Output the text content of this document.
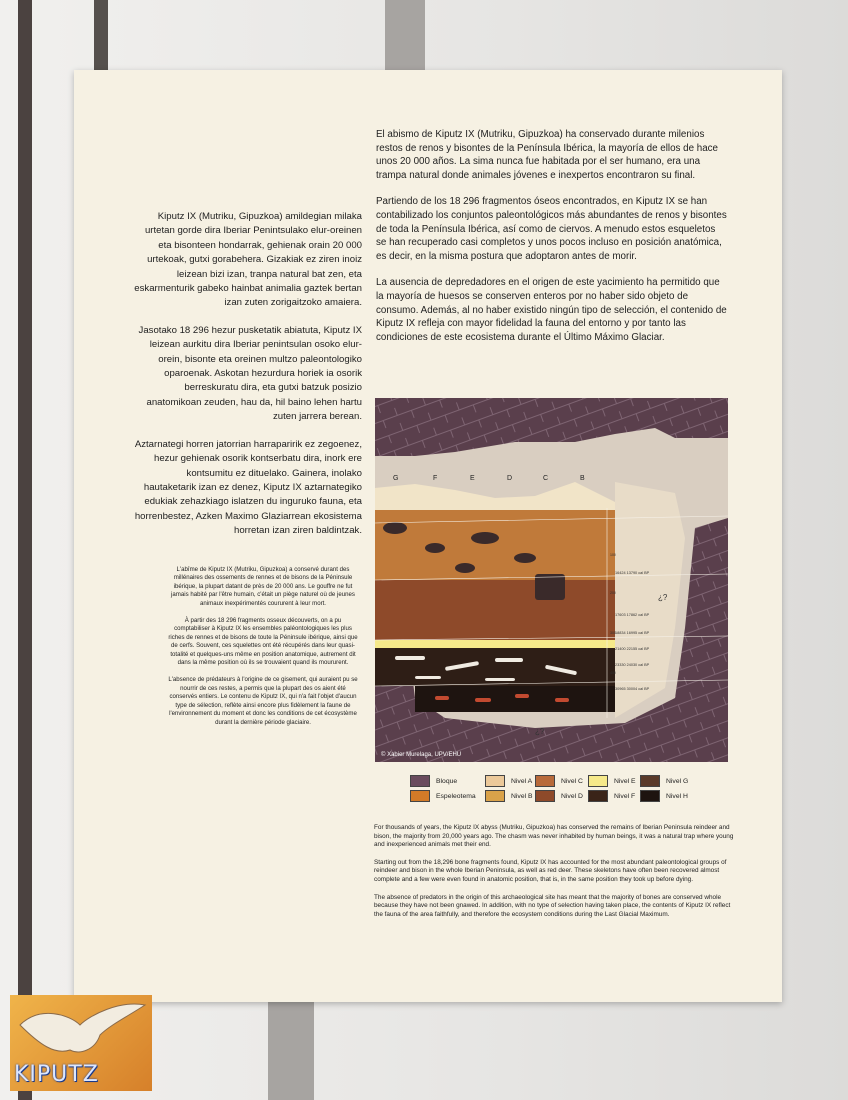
Kiputz IX (Mutriku, Gipuzkoa) amildegian milaka urtetan gorde dira Iberiar Penintsulako elur-oreinen eta bisonteen hondarrak, gehienak orain 20 000 urtekoak, gutxi gorabehera. Gizakiak ez ziren inoiz leizean bizi izan, tranpa natural bat zen, eta eskarmenturik gabeko hainbat animalia gaztek bertan izan zuten zorigaitzoko amaiera.

Jasotako 18 296 hezur pusketatik abiatuta, Kiputz IX leizean aurkitu dira Iberiar penintsulan osoko elur-orein, bisonte eta oreinen multzo paleontologiko oparoenak. Askotan hezurdura horiek ia osorik berreskuratu dira, eta gutxi batzuk posizio anatomikoan zeuden, hau da, hil baino lehen hartu zuten jarrera berean.

Aztarnategi horren jatorrian harraparirik ez zegoenez, hezur gehienak osorik kontserbatu dira, inork ere kontsumitu ez dituelako. Gainera, inolako hautaketarik izan ez denez, Kiputz IX aztarnategiko edukiak zehazkiago islatzen du inguruko fauna, eta horrenbestez, Azken Maximo Glaziarrean ekosistema horretan izan ziren baldintzak.

L'abîme de Kiputz IX (Mutriku, Gipuzkoa) a conservé durant des millénaires des ossements de rennes et de bisons de la Péninsule ibérique, la plupart datant de près de 20 000 ans. Le gouffre ne fut jamais habité par l'être humain, c'était un piège naturel où de jeunes animaux inexpérimentés coururent à leur mort.

À partir des 18 296 fragments osseux découverts, on a pu comptabiliser à Kiputz IX les ensembles paléontologiques les plus riches de rennes et de bisons de toute la Péninsule ibérique, ainsi que de cerfs. Souvent, ces squelettes ont été récupérés dans leur quasi-totalité et quelques-uns même en position anatomique, autrement dit dans la même position où ils se trouvaient quand ils moururent.

L'absence de prédateurs à l'origine de ce gisement, qui auraient pu se nourrir de ces restes, a permis que la plupart des os aient été conservés entiers. Le contenu de Kiputz IX, qui n'a fait l'objet d'aucun type de sélection, reflète ainsi encore plus fidèlement la faune de l'environnement du moment et donc les conditions de cet écosystème durant la dernière période glaciaire.

El abismo de Kiputz IX (Mutriku, Gipuzkoa) ha conservado durante milenios restos de renos y bisontes de la Península Ibérica, la mayoría de ellos de hace unos 20 000 años. La sima nunca fue habitada por el ser humano, era una trampa natural donde animales jóvenes e inexpertos encontraron su final.

Partiendo de los 18 296 fragmentos óseos encontrados, en Kiputz IX se han contabilizado los conjuntos paleontológicos más abundantes de renos y bisontes de toda la Península Ibérica, así como de ciervos. A menudo estos esqueletos se han recuperado casi completos y unos pocos incluso en posición anatómica, es decir, en la misma postura que adoptaron antes de morir.

La ausencia de depredadores en el origen de este yacimiento ha permitido que la mayoría de huesos se conserven enteros por no haber sido objeto de consumo. Además, al no haber existido ningún tipo de selección, el contenido de Kiputz IX refleja con mayor fidelidad la fauna del entorno y por tanto las condiciones de este ecosistema durante el Último Máximo Glaciar.

G	F	E	D	C	B
100
200
300
400
16424 13790 cal BP
17603 17862 cal BP
18834 16995 cal BP
21400 22155 cal BP
23330 24030 cal BP
30965 30004 cal BP
¿?
¿?
© Xabier Murelaga, UPV/EHU
Bloque
Espeleotema
Nivel A
Nivel B
Nivel C
Nivel D
Nivel E
Nivel F
Nivel G
Nivel H

For thousands of years, the Kiputz IX abyss (Mutriku, Gipuzkoa) has conserved the remains of Iberian Peninsula reindeer and bison, the majority from 20,000 years ago. The chasm was never inhabited by human beings, it was a natural trap where young and inexperienced animals met their end.

Starting out from the 18,296 bone fragments found, Kiputz IX has accounted for the most abundant paleontological groups of reindeer and bison in the whole Iberian Peninsula, as well as red deer. These skeletons have often been recovered almost complete and a few were even found in anatomic position, that is, in the same position they took up before dying.

The absence of predators in the origin of this archaeological site has meant that the majority of bones are conserved whole because they have not been gnawed. In addition, with no type of selection having taken place, the contents of Kiputz IX reflect the fauna of the area faithfully, and therefore the ecosystem conditions during the Last Glacial Maximum.

KIPUTZ
